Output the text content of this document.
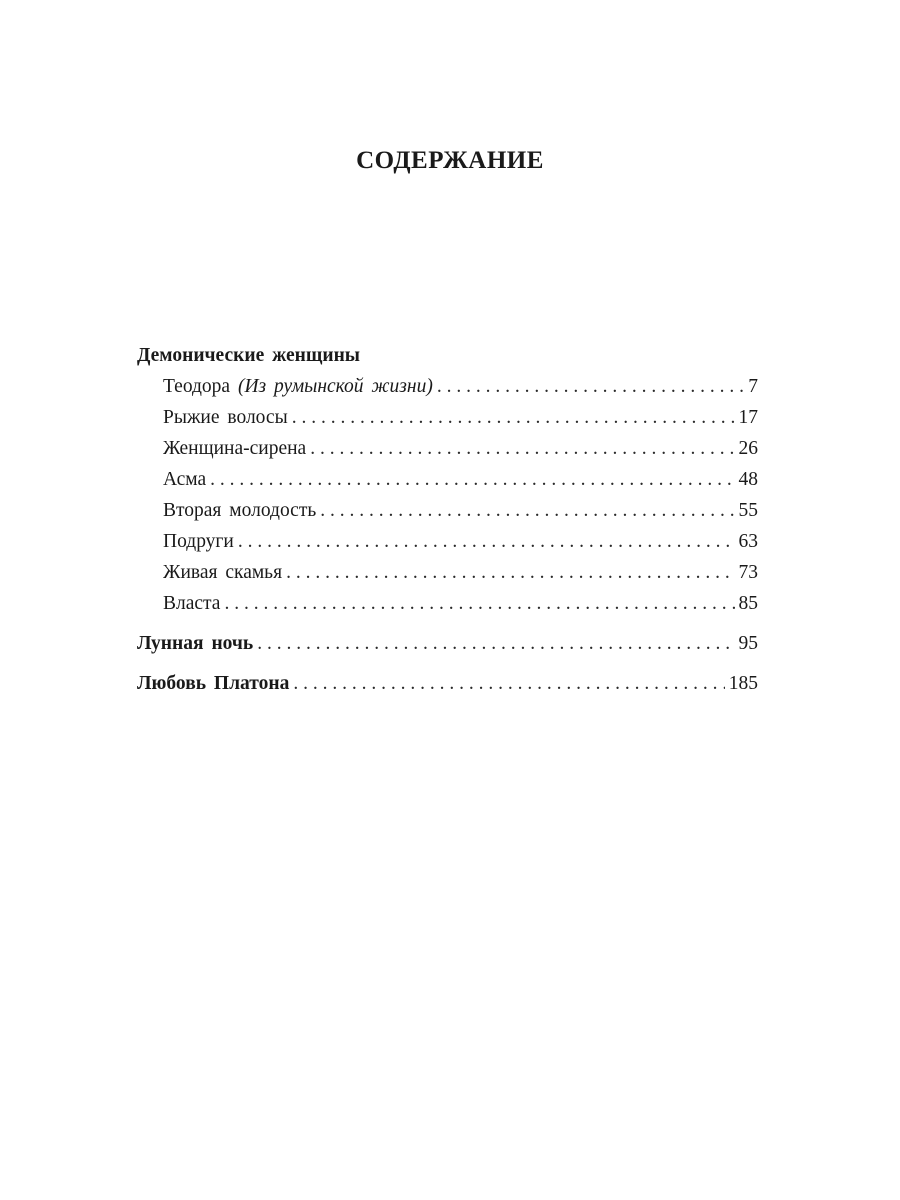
СОДЕРЖАНИЕ
Демонические женщины
Теодора (Из румынской жизни) . . .	7
Рыжие волосы . . .	17
Женщина-сирена . . .	26
Асма . . .	48
Вторая молодость . . .	55
Подруги . . .	63
Живая скамья . . .	73
Власта . . .	85
Лунная ночь . . .	95
Любовь Платона . . .	185
